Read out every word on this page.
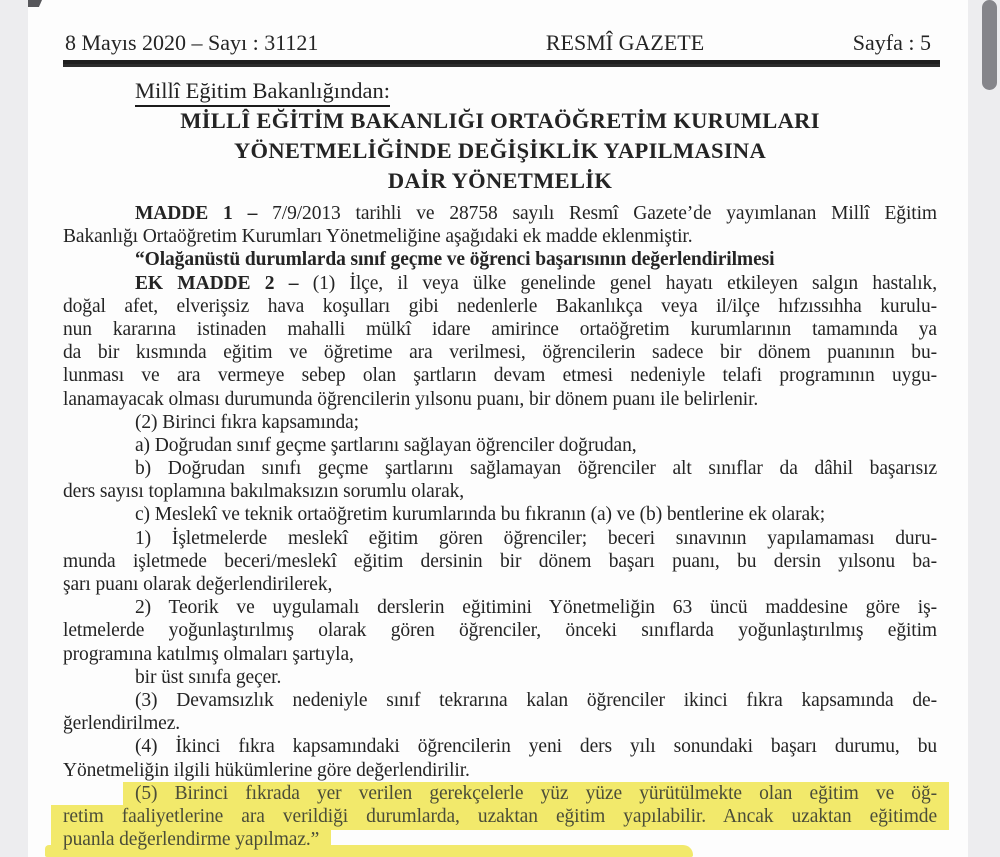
8 Mayıs 2020 – Sayı : 31121	RESMÎ GAZETE	Sayfa : 5
Millî Eğitim Bakanlığından:
MİLLÎ EĞİTİM BAKANLIĞI ORTAÖĞRETİM KURUMLARI
YÖNETMELİĞİNDE DEĞİŞİKLİK YAPILMASINA
DAİR YÖNETMELİK
MADDE 1 – 7/9/2013 tarihli ve 28758 sayılı Resmî Gazete’de yayımlanan Millî Eğitim
Bakanlığı Ortaöğretim Kurumları Yönetmeliğine aşağıdaki ek madde eklenmiştir.
“Olağanüstü durumlarda sınıf geçme ve öğrenci başarısının değerlendirilmesi
EK MADDE 2 – (1) İlçe, il veya ülke genelinde genel hayatı etkileyen salgın hastalık,
doğal afet, elverişsiz hava koşulları gibi nedenlerle Bakanlıkça veya il/ilçe hıfzıssıhha kurulu-
nun kararına istinaden mahalli mülkî idare amirince ortaöğretim kurumlarının tamamında ya
da bir kısmında eğitim ve öğretime ara verilmesi, öğrencilerin sadece bir dönem puanının bu-
lunması ve ara vermeye sebep olan şartların devam etmesi nedeniyle telafi programının uygu-
lanamayacak olması durumunda öğrencilerin yılsonu puanı, bir dönem puanı ile belirlenir.
(2) Birinci fıkra kapsamında;
a) Doğrudan sınıf geçme şartlarını sağlayan öğrenciler doğrudan,
b) Doğrudan sınıfı geçme şartlarını sağlamayan öğrenciler alt sınıflar da dâhil başarısız
ders sayısı toplamına bakılmaksızın sorumlu olarak,
c) Meslekî ve teknik ortaöğretim kurumlarında bu fıkranın (a) ve (b) bentlerine ek olarak;
1) İşletmelerde meslekî eğitim gören öğrenciler; beceri sınavının yapılamaması duru-
munda işletmede beceri/meslekî eğitim dersinin bir dönem başarı puanı, bu dersin yılsonu ba-
şarı puanı olarak değerlendirilerek,
2) Teorik ve uygulamalı derslerin eğitimini Yönetmeliğin 63 üncü maddesine göre iş-
letmelerde yoğunlaştırılmış olarak gören öğrenciler, önceki sınıflarda yoğunlaştırılmış eğitim
programına katılmış olmaları şartıyla,
bir üst sınıfa geçer.
(3) Devamsızlık nedeniyle sınıf tekrarına kalan öğrenciler ikinci fıkra kapsamında de-
ğerlendirilmez.
(4) İkinci fıkra kapsamındaki öğrencilerin yeni ders yılı sonundaki başarı durumu, bu
Yönetmeliğin ilgili hükümlerine göre değerlendirilir.
(5) Birinci fıkrada yer verilen gerekçelerle yüz yüze yürütülmekte olan eğitim ve öğ-
retim faaliyetlerine ara verildiği durumlarda, uzaktan eğitim yapılabilir. Ancak uzaktan eğitimde
puanla değerlendirme yapılmaz.”
